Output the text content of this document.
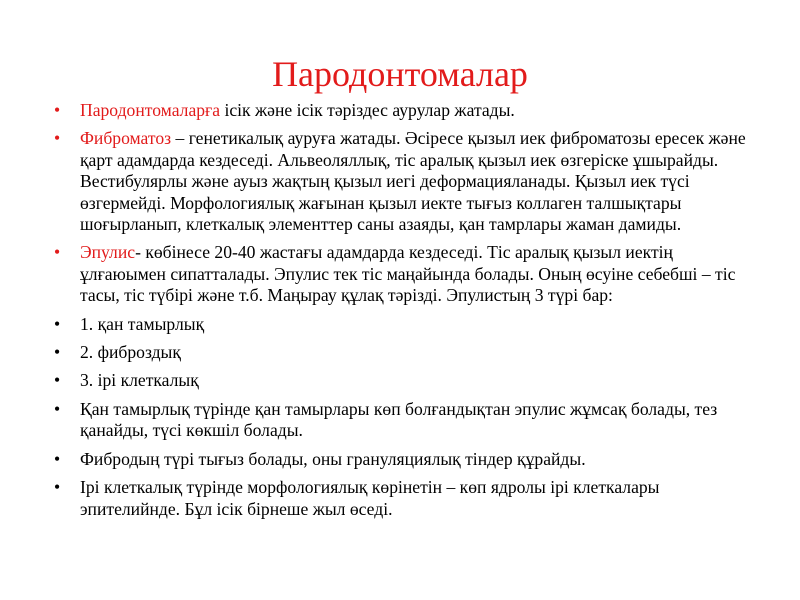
Пародонтомалар
• Пародонтомаларға ісік және ісік тәріздес аурулар жатады.
• Фиброматоз – генетикалық ауруға жатады. Әсіресе қызыл иек фиброматозы ересек және қарт адамдарда кездеседі. Альвеоляллық, тіс аралық қызыл иек өзгеріске ұшырайды. Вестибулярлы және ауыз жақтың қызыл иегі деформацияланады. Қызыл иек түсі өзгермейді. Морфологиялық жағынан қызыл иекте тығыз коллаген талшықтары шоғырланып, клеткалық элементтер саны азаяды, қан тамрлары жаман дамиды.
• Эпулис- көбінесе 20-40 жастағы адамдарда кездеседі. Тіс аралық қызыл иектің ұлғаюымен сипатталады. Эпулис тек тіс маңайында болады. Оның өсуіне себебші – тіс тасы, тіс түбірі және т.б. Маңырау құлақ тәрізді. Эпулистың 3 түрі бар:
• 1. қан тамырлық
• 2. фиброздық
• 3. ірі клеткалық
• Қан тамырлық түрінде қан тамырлары көп болғандықтан эпулис жұмсақ болады, тез қанайды, түсі көкшіл болады.
• Фибродың түрі тығыз болады, оны грануляциялық тіндер құрайды.
• Ірі клеткалық түрінде морфологиялық көрінетін – көп ядролы ірі клеткалары эпителийнде. Бұл ісік бірнеше жыл өседі.
